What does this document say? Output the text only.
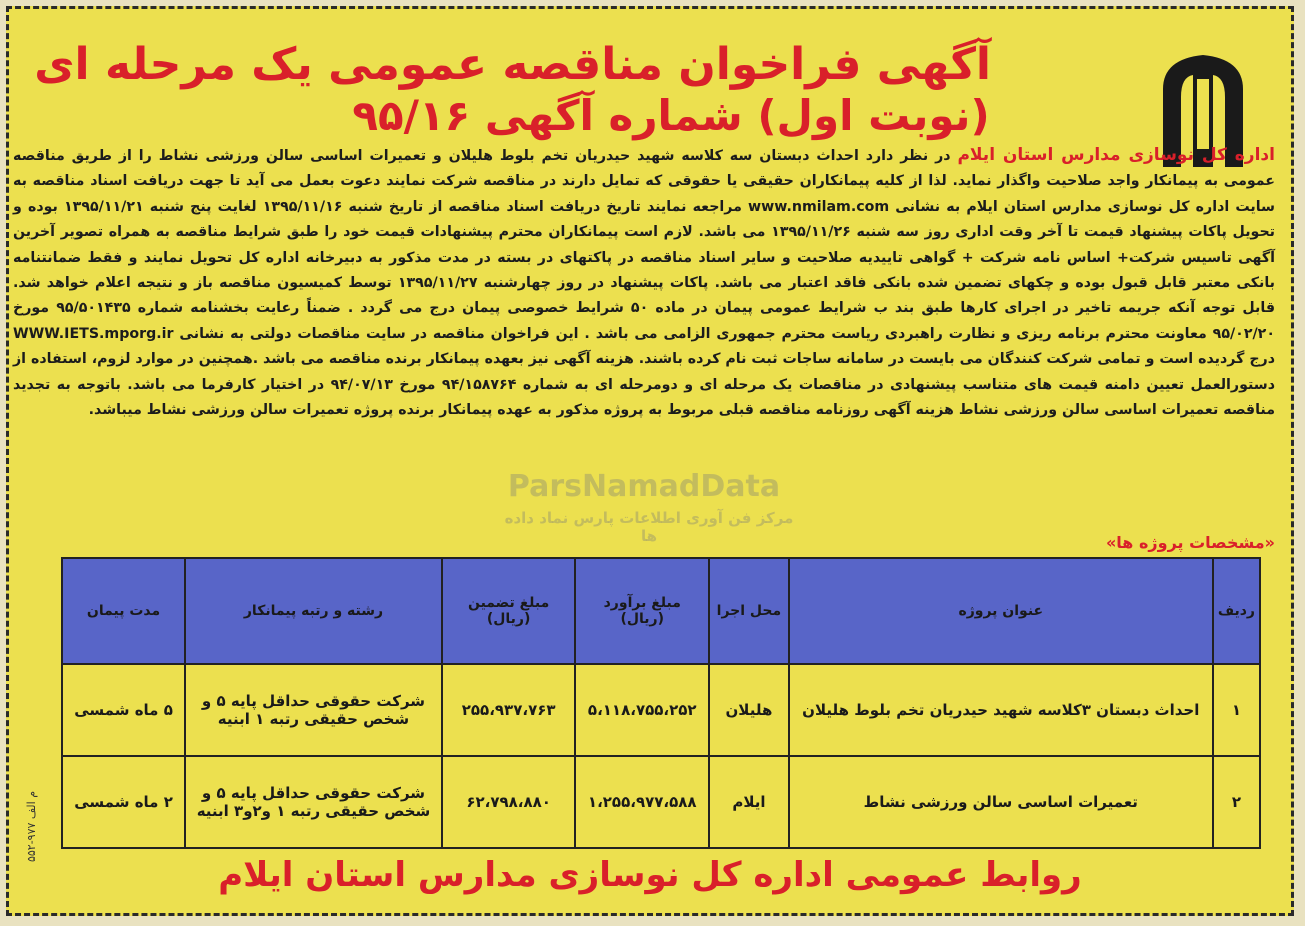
آگهی فراخوان مناقصه عمومی یک مرحله ای
(نوبت اول) شماره آگهی ۹۵/۱۶
اداره کل نوسازی مدارس استان ایلام در نظر دارد احداث دبستان سه کلاسه شهید حیدریان تخم بلوط هلیلان و تعمیرات اساسی سالن ورزشی نشاط را از طریق مناقصه عمومی به پیمانکار واجد صلاحیت واگذار نماید. لذا از کلیه پیمانکاران حقیقی یا حقوقی که تمایل دارند در مناقصه شرکت نمایند دعوت بعمل می آید تا جهت دریافت اسناد مناقصه به سایت اداره کل نوسازی مدارس استان ایلام به نشانی www.nmilam.com مراجعه نمایند تاریخ دریافت اسناد مناقصه از تاریخ شنبه ۱۳۹۵/۱۱/۱۶ لغایت پنج شنبه ۱۳۹۵/۱۱/۲۱ بوده و تحویل پاکات پیشنهاد قیمت تا آخر وقت اداری روز سه شنبه ۱۳۹۵/۱۱/۲۶ می باشد. لازم است پیمانکاران محترم پیشنهادات قیمت خود را طبق شرایط مناقصه به همراه تصویر آخرین آگهی تاسیس شرکت+ اساس نامه شرکت + گواهی تاییدیه صلاحیت و سایر اسناد مناقصه در پاکتهای در بسته در مدت مذکور به دبیرخانه اداره کل تحویل نمایند و فقط ضمانتنامه بانکی معتبر قابل قبول بوده و چکهای تضمین شده بانکی فاقد اعتبار می باشد. پاکات پیشنهاد در روز چهارشنبه ۱۳۹۵/۱۱/۲۷ توسط کمیسیون مناقصه باز و نتیجه اعلام خواهد شد. قابل توجه آنکه جریمه تاخیر در اجرای کارها طبق بند ب شرایط عمومی پیمان در ماده ۵۰ شرایط خصوصی پیمان درج می گردد . ضمناً رعایت بخشنامه شماره ۹۵/۵۰۱۴۳۵ مورخ ۹۵/۰۲/۲۰ معاونت محترم برنامه ریزی و نظارت راهبردی ریاست محترم جمهوری الزامی می باشد . این فراخوان مناقصه در سایت مناقصات دولتی به نشانی WWW.IETS.mporg.ir درج گردیده است و تمامی شرکت کنندگان می بایست در سامانه ساجات ثبت نام کرده باشند. هزینه آگهی نیز بعهده پیمانکار برنده مناقصه می باشد .همچنین در موارد لزوم، استفاده از دستورالعمل تعیین دامنه قیمت های متناسب پیشنهادی در مناقصات یک مرحله ای و دومرحله ای به شماره ۹۴/۱۵۸۷۶۴ مورخ ۹۴/۰۷/۱۳ در اختیار کارفرما می باشد. باتوجه به تجدید مناقصه تعمیرات اساسی سالن ورزشی نشاط هزینه آگهی روزنامه مناقصه قبلی مربوط به پروژه مذکور به عهده پیمانکار برنده پروژه تعمیرات سالن ورزشی نشاط میباشد.
ParsNamadData
مرکز فن آوری اطلاعات پارس نماد داده ها	«مشخصات پروژه ها»
ردیف	عنوان پروژه	محل اجرا	مبلغ برآورد (ریال)	مبلغ تضمین (ریال)	رشته و رتبه پیمانکار	مدت پیمان
۱	احداث دبستان ۳کلاسه شهید حیدریان تخم بلوط هلیلان	هلیلان	۵،۱۱۸،۷۵۵،۲۵۲	۲۵۵،۹۳۷،۷۶۳	شرکت حقوقی حداقل پایه ۵ و شخص حقیقی رتبه ۱ ابنیه	۵ ماه شمسی
۲	تعمیرات اساسی سالن ورزشی نشاط	ایلام	۱،۲۵۵،۹۷۷،۵۸۸	۶۲،۷۹۸،۸۸۰	شرکت حقوقی حداقل پایه ۵ و شخص حقیقی رتبه ۱ و۲و۳ ابنیه	۲ ماه شمسی
روابط عمومی اداره کل نوسازی مدارس استان ایلام
م الف ۹۷۷-۵۵۲
